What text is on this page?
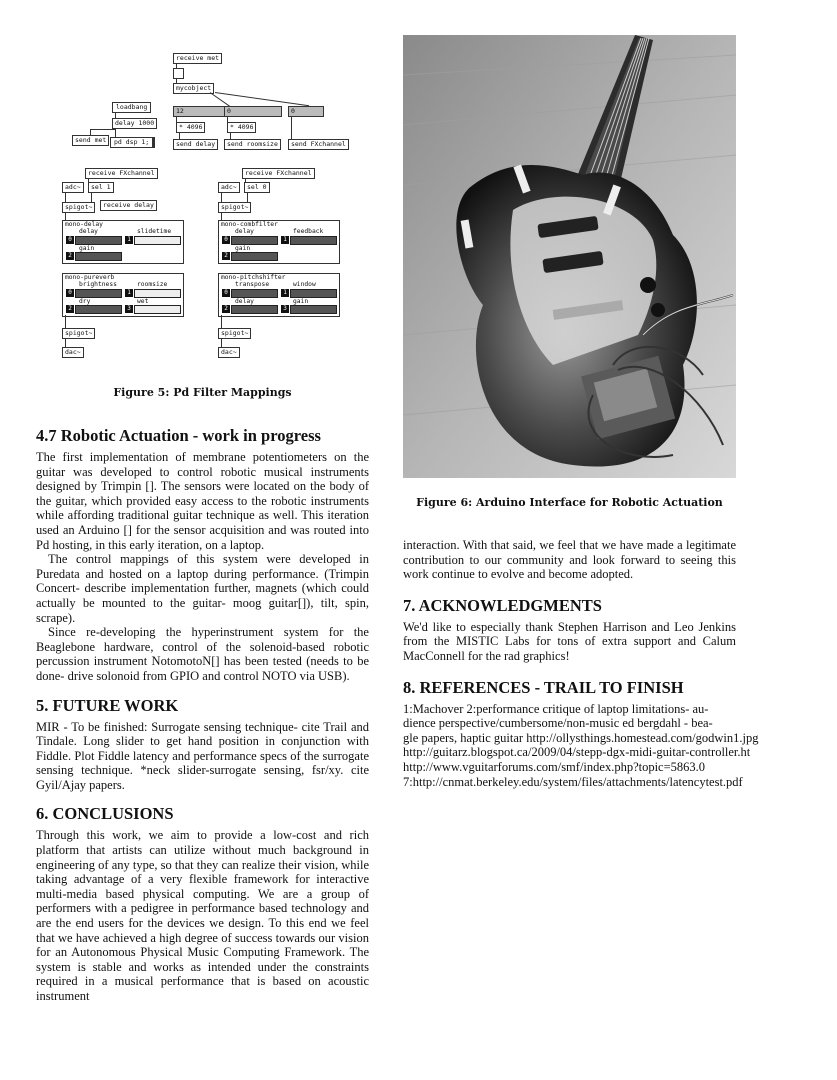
receive met
mycobject
12	0	0
loadbang
delay 1000
send met	pd dsp 1;
* 4096	* 4096
send delay	send roomsize	send FXchannel
receive FXchannel
adc~	sel 1
spigot~	receive delay
mono-delay
delay	slidetime
0	1
gain
2
mono-pureverb
brightness	roomsize
0	1
dry	wet
2	3
spigot~
dac~
receive FXchannel
adc~	sel 0
spigot~
mono-combfilter
delay	feedback
0	1
gain
2
mono-pitchshifter
transpose	window
0	1
delay	gain
2	3
spigot~
dac~

Figure 5: Pd Filter Mappings

4.7 Robotic Actuation - work in progress

The first implementation of membrane potentiometers on the guitar was developed to control robotic musical instruments designed by Trimpin []. The sensors were located on the body of the guitar, which provided easy access to the robotic instruments while affording traditional guitar technique as well. This iteration used an Arduino [] for the sensor acquisition and was routed into Pd hosting, in this early iteration, on a laptop.

The control mappings of this system were developed in Puredata and hosted on a laptop during performance. (Trimpin Concert- describe implementation further, magnets (which could actually be mounted to the guitar- moog guitar[]), tilt, spin, scrape).

Since re-developing the hyperinstrument system for the Beaglebone hardware, control of the solenoid-based robotic percussion instrument NotomotoN[] has been tested (needs to be done- drive solonoid from GPIO and control NOTO via USB).

5. FUTURE WORK

MIR - To be finished: Surrogate sensing technique- cite Trail and Tindale. Long slider to get hand position in conjunction with Fiddle. Plot Fiddle latency and performance specs of the surrogate sensing technique. *neck slider-surrogate sensing, fsr/xy. cite Gyil/Ajay papers.

6. CONCLUSIONS

Through this work, we aim to provide a low-cost and rich platform that artists can utilize without much background in engineering of any type, so that they can realize their vision, while taking advantage of a very flexible framework for interactive multi-media based physical computing. We are a group of performers with a pedigree in performance based technology and are the end users for the devices we design. To this end we feel that we have achieved a high degree of success towards our vision for an Autonomous Physical Music Computing Framework. The system is stable and works as intended under the constraints required in a musical performance that is based on acoustic instrument

Figure 6: Arduino Interface for Robotic Actuation

interaction. With that said, we feel that we have made a legitimate contribution to our community and look forward to seeing this work continue to evolve and become adopted.

7. ACKNOWLEDGMENTS

We'd like to especially thank Stephen Harrison and Leo Jenkins from the MISTIC Labs for tons of extra support and Calum MacConnell for the rad graphics!

8. REFERENCES - TRAIL TO FINISH

1:Machover 2:performance critique of laptop limitations- au-

dience perspective/cumbersome/non-music ed bergdahl - bea-

gle papers, haptic guitar http://ollysthings.homestead.com/godwin1.jpg

http://guitarz.blogspot.ca/2009/04/stepp-dgx-midi-guitar-controller.ht

http://www.vguitarforums.com/smf/index.php?topic=5863.0

7:http://cnmat.berkeley.edu/system/files/attachments/latencytest.pdf
